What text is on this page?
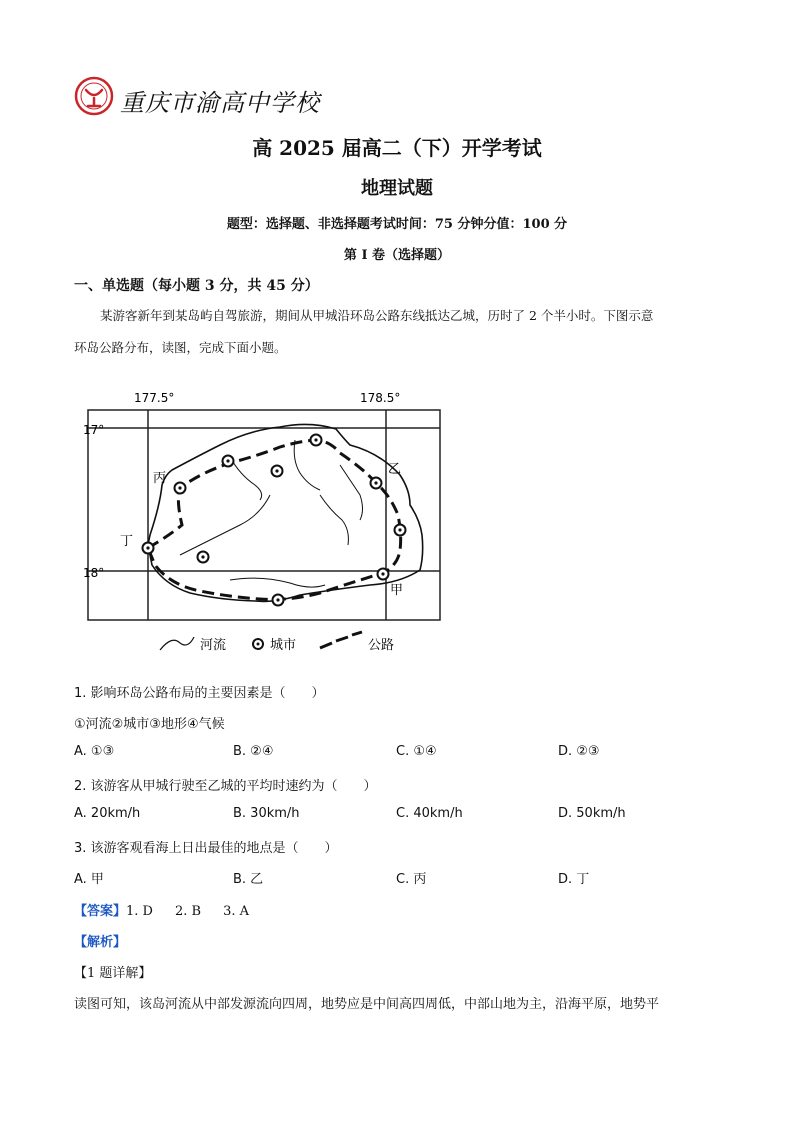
重庆市渝高中学校
高 2025 届高二（下）开学考试
地理试题
题型：选择题、非选择题考试时间：75 分钟分值：100 分
第 I 卷（选择题）
一、单选题（每小题 3 分，共 45 分）
某游客新年到某岛屿自驾旅游，期间从甲城沿环岛公路东线抵达乙城，历时了 2 个半小时。下图示意
环岛公路分布，读图，完成下面小题。
177.5°	178.5°
17°
18°
丙
乙
丁
甲
河流	城市	公路
1. 影响环岛公路布局的主要因素是（　　）
①河流②城市③地形④气候
A. ①③	B. ②④	C. ①④	D. ②③
2. 该游客从甲城行驶至乙城的平均时速约为（　　）
A. 20km/h	B. 30km/h	C. 40km/h	D. 50km/h
3. 该游客观看海上日出最佳的地点是（　　）
A. 甲	B. 乙	C. 丙	D. 丁
【答案】1. D 2. B 3. A
【解析】
【1 题详解】
读图可知，该岛河流从中部发源流向四周，地势应是中间高四周低，中部山地为主，沿海平原，地势平
